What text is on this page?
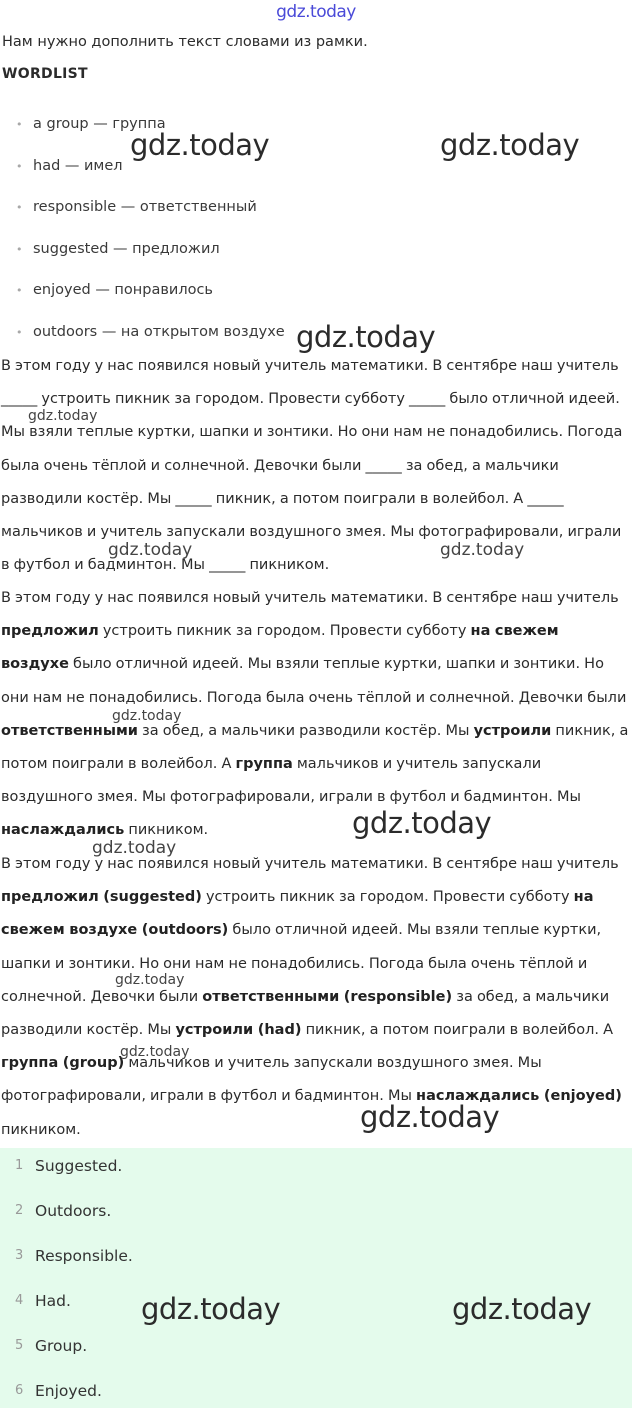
gdz.today
Нам нужно дополнить текст словами из рамки.
WORDLIST
• a group — группа
• had — имел
• responsible — ответственный
• suggested — предложил
• enjoyed — понравилось
• outdoors — на открытом воздухе

В этом году у нас появился новый учитель математики. В сентябре наш учитель _____ устроить пикник за городом. Провести субботу _____ было отличной идеей. Мы взяли теплые куртки, шапки и зонтики. Но они нам не понадобились. Погода была очень тёплой и солнечной. Девочки были _____ за обед, а мальчики разводили костёр. Мы _____ пикник, а потом поиграли в волейбол. А _____ мальчиков и учитель запускали воздушного змея. Мы фотографировали, играли в футбол и бадминтон. Мы _____ пикником.

В этом году у нас появился новый учитель математики. В сентябре наш учитель предложил устроить пикник за городом. Провести субботу на свежем воздухе было отличной идеей. Мы взяли теплые куртки, шапки и зонтики. Но они нам не понадобились. Погода была очень тёплой и солнечной. Девочки были ответственными за обед, а мальчики разводили костёр. Мы устроили пикник, а потом поиграли в волейбол. А группа мальчиков и учитель запускали воздушного змея. Мы фотографировали, играли в футбол и бадминтон. Мы наслаждались пикником.

В этом году у нас появился новый учитель математики. В сентябре наш учитель предложил (suggested) устроить пикник за городом. Провести субботу на свежем воздухе (outdoors) было отличной идеей. Мы взяли теплые куртки, шапки и зонтики. Но они нам не понадобились. Погода была очень тёплой и солнечной. Девочки были ответственными (responsible) за обед, а мальчики разводили костёр. Мы устроили (had) пикник, а потом поиграли в волейбол. А группа (group) мальчиков и учитель запускали воздушного змея. Мы фотографировали, играли в футбол и бадминтон. Мы наслаждались (enjoyed) пикником.

1 Suggested.
2 Outdoors.
3 Responsible.
4 Had.
5 Group.
6 Enjoyed.
gdz.today	gdz.today
gdz.today
gdz.today
gdz.today	gdz.today
gdz.today
gdz.today
gdz.today
gdz.today
gdz.today
gdz.today
gdz.today	gdz.today
